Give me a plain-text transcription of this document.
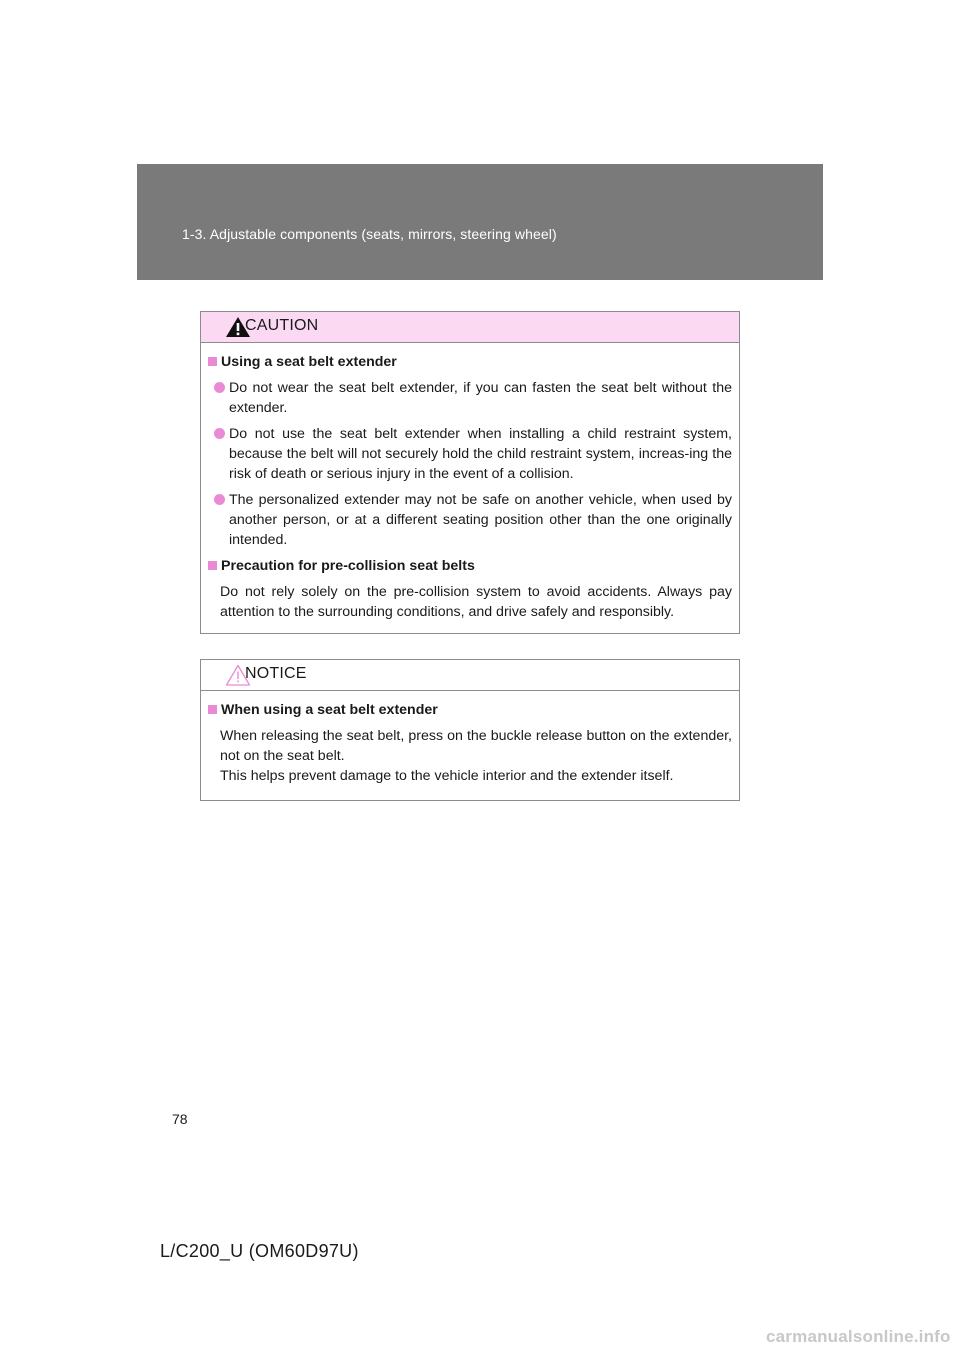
1-3. Adjustable components (seats, mirrors, steering wheel)
CAUTION
Using a seat belt extender
Do not wear the seat belt extender, if you can fasten the seat belt without the extender.
Do not use the seat belt extender when installing a child restraint system, because the belt will not securely hold the child restraint system, increas-ing the risk of death or serious injury in the event of a collision.
The personalized extender may not be safe on another vehicle, when used by another person, or at a different seating position other than the one originally intended.
Precaution for pre-collision seat belts
Do not rely solely on the pre-collision system to avoid accidents. Always pay attention to the surrounding conditions, and drive safely and responsibly.
NOTICE
When using a seat belt extender
When releasing the seat belt, press on the buckle release button on the extender, not on the seat belt.
This helps prevent damage to the vehicle interior and the extender itself.
78
L/C200_U (OM60D97U)
carmanualsonline.info
